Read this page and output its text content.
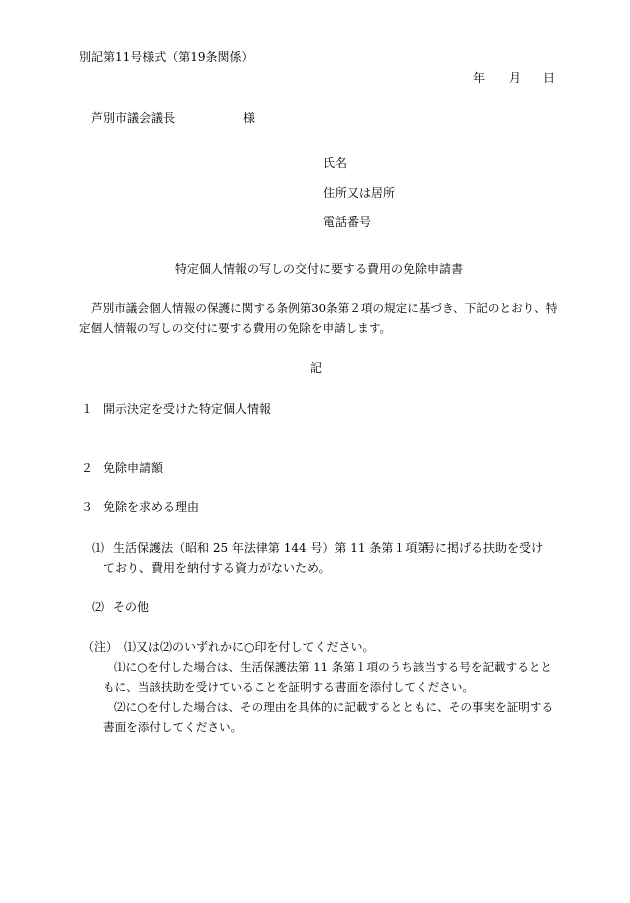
別記第11号様式（第19条関係）
年 月 日
芦別市議会議長	様
氏名
住所又は居所
電話番号
特定個人情報の写しの交付に要する費用の免除申請書
芦別市議会個人情報の保護に関する条例第30条第２項の規定に基づき、下記のとおり、特
定個人情報の写しの交付に要する費用の免除を申請します。
記
１ 開示決定を受けた特定個人情報
２ 免除申請額
３ 免除を求める理由
⑴ 生活保護法（昭和 25 年法律第 144 号）第 11 条第１項第
号に掲げる扶助を受け
ており、費用を納付する資力がないため。
⑵ その他
（注） ⑴又は⑵のいずれかに○印を付してください。
⑴に○を付した場合は、生活保護法第 11 条第１項のうち該当する号を記載するとと
もに、当該扶助を受けていることを証明する書面を添付してください。
⑵に○を付した場合は、その理由を具体的に記載するとともに、その事実を証明する
書面を添付してください。
